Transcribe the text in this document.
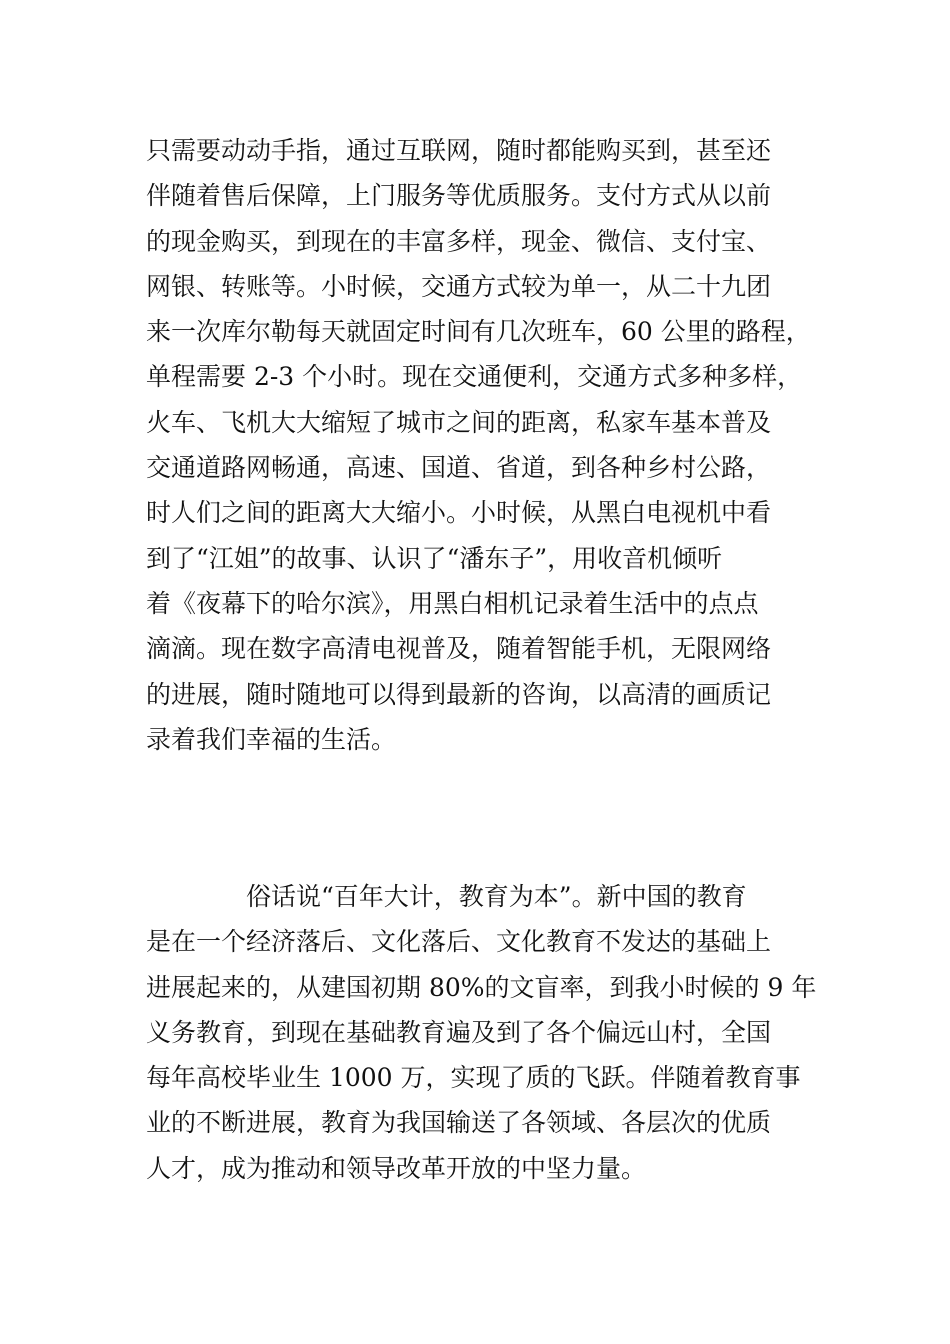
只需要动动手指，通过互联网，随时都能购买到，甚至还
伴随着售后保障，上门服务等优质服务。支付方式从以前
的现金购买，到现在的丰富多样，现金、微信、支付宝、
网银、转账等。小时候，交通方式较为单一，从二十九团
来一次库尔勒每天就固定时间有几次班车，60 公里的路程，
单程需要 2-3 个小时。现在交通便利，交通方式多种多样，
火车、飞机大大缩短了城市之间的距离，私家车基本普及
交通道路网畅通，高速、国道、省道，到各种乡村公路，
时人们之间的距离大大缩小。小时候，从黑白电视机中看
到了“江姐”的故事、认识了“潘东子”，用收音机倾听
着《夜幕下的哈尔滨》，用黑白相机记录着生活中的点点
滴滴。现在数字高清电视普及，随着智能手机，无限网络
的进展，随时随地可以得到最新的咨询，以高清的画质记
录着我们幸福的生活。
俗话说“百年大计，教育为本”。新中国的教育
是在一个经济落后、文化落后、文化教育不发达的基础上
进展起来的，从建国初期 80%的文盲率，到我小时候的 9 年
义务教育，到现在基础教育遍及到了各个偏远山村，全国
每年高校毕业生 1000 万，实现了质的飞跃。伴随着教育事
业的不断进展，教育为我国输送了各领域、各层次的优质
人才，成为推动和领导改革开放的中坚力量。
